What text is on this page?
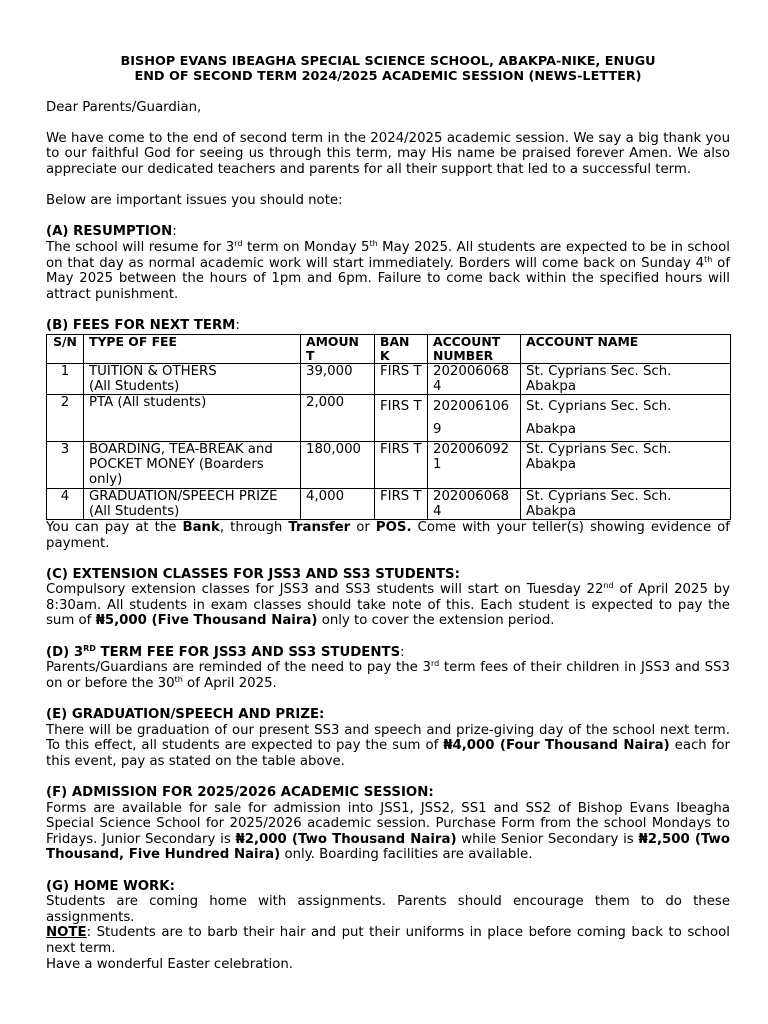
BISHOP EVANS IBEAGHA SPECIAL SCIENCE SCHOOL, ABAKPA-NIKE, ENUGU
END OF SECOND TERM 2024/2025 ACADEMIC SESSION (NEWS-LETTER)

Dear Parents/Guardian,

We have come to the end of second term in the 2024/2025 academic session. We say a big thank you to our faithful God for seeing us through this term, may His name be praised forever Amen. We also appreciate our dedicated teachers and parents for all their support that led to a successful term.

Below are important issues you should note:

(A) RESUMPTION:

The school will resume for 3rd term on Monday 5th May 2025. All students are expected to be in school on that day as normal academic work will start immediately. Borders will come back on Sunday 4th of May 2025 between the hours of 1pm and 6pm. Failure to come back within the specified hours will attract punishment.

(B) FEES FOR NEXT TERM:

S/N	TYPE OF FEE	AMOUN T	BAN K	ACCOUNT NUMBER	ACCOUNT NAME
1	TUITION & OTHERS
(All Students)	39,000	FIRS T	2020060684	St. Cyprians Sec. Sch. Abakpa
2	PTA (All students)	2,000	FIRS T	2020061069	St. Cyprians Sec. Sch. Abakpa
3	BOARDING, TEA-BREAK and POCKET MONEY (Boarders only)	180,000	FIRS T	2020060921	St. Cyprians Sec. Sch. Abakpa
4	GRADUATION/SPEECH PRIZE
(All Students)	4,000	FIRS T	2020060684	St. Cyprians Sec. Sch. Abakpa

You can pay at the Bank, through Transfer or POS. Come with your teller(s) showing evidence of payment.

(C) EXTENSION CLASSES FOR JSS3 AND SS3 STUDENTS:

Compulsory extension classes for JSS3 and SS3 students will start on Tuesday 22nd of April 2025 by 8:30am. All students in exam classes should take note of this. Each student is expected to pay the sum of ₦5,000 (Five Thousand Naira) only to cover the extension period.

(D) 3RD TERM FEE FOR JSS3 AND SS3 STUDENTS:

Parents/Guardians are reminded of the need to pay the 3rd term fees of their children in JSS3 and SS3 on or before the 30th of April 2025.

(E) GRADUATION/SPEECH AND PRIZE:

There will be graduation of our present SS3 and speech and prize-giving day of the school next term. To this effect, all students are expected to pay the sum of ₦4,000 (Four Thousand Naira) each for this event, pay as stated on the table above.

(F) ADMISSION FOR 2025/2026 ACADEMIC SESSION:

Forms are available for sale for admission into JSS1, JSS2, SS1 and SS2 of Bishop Evans Ibeagha Special Science School for 2025/2026 academic session. Purchase Form from the school Mondays to Fridays. Junior Secondary is ₦2,000 (Two Thousand Naira) while Senior Secondary is ₦2,500 (Two Thousand, Five Hundred Naira) only. Boarding facilities are available.

(G) HOME WORK:

Students are coming home with assignments. Parents should encourage them to do these assignments.

NOTE: Students are to barb their hair and put their uniforms in place before coming back to school next term.

Have a wonderful Easter celebration.
